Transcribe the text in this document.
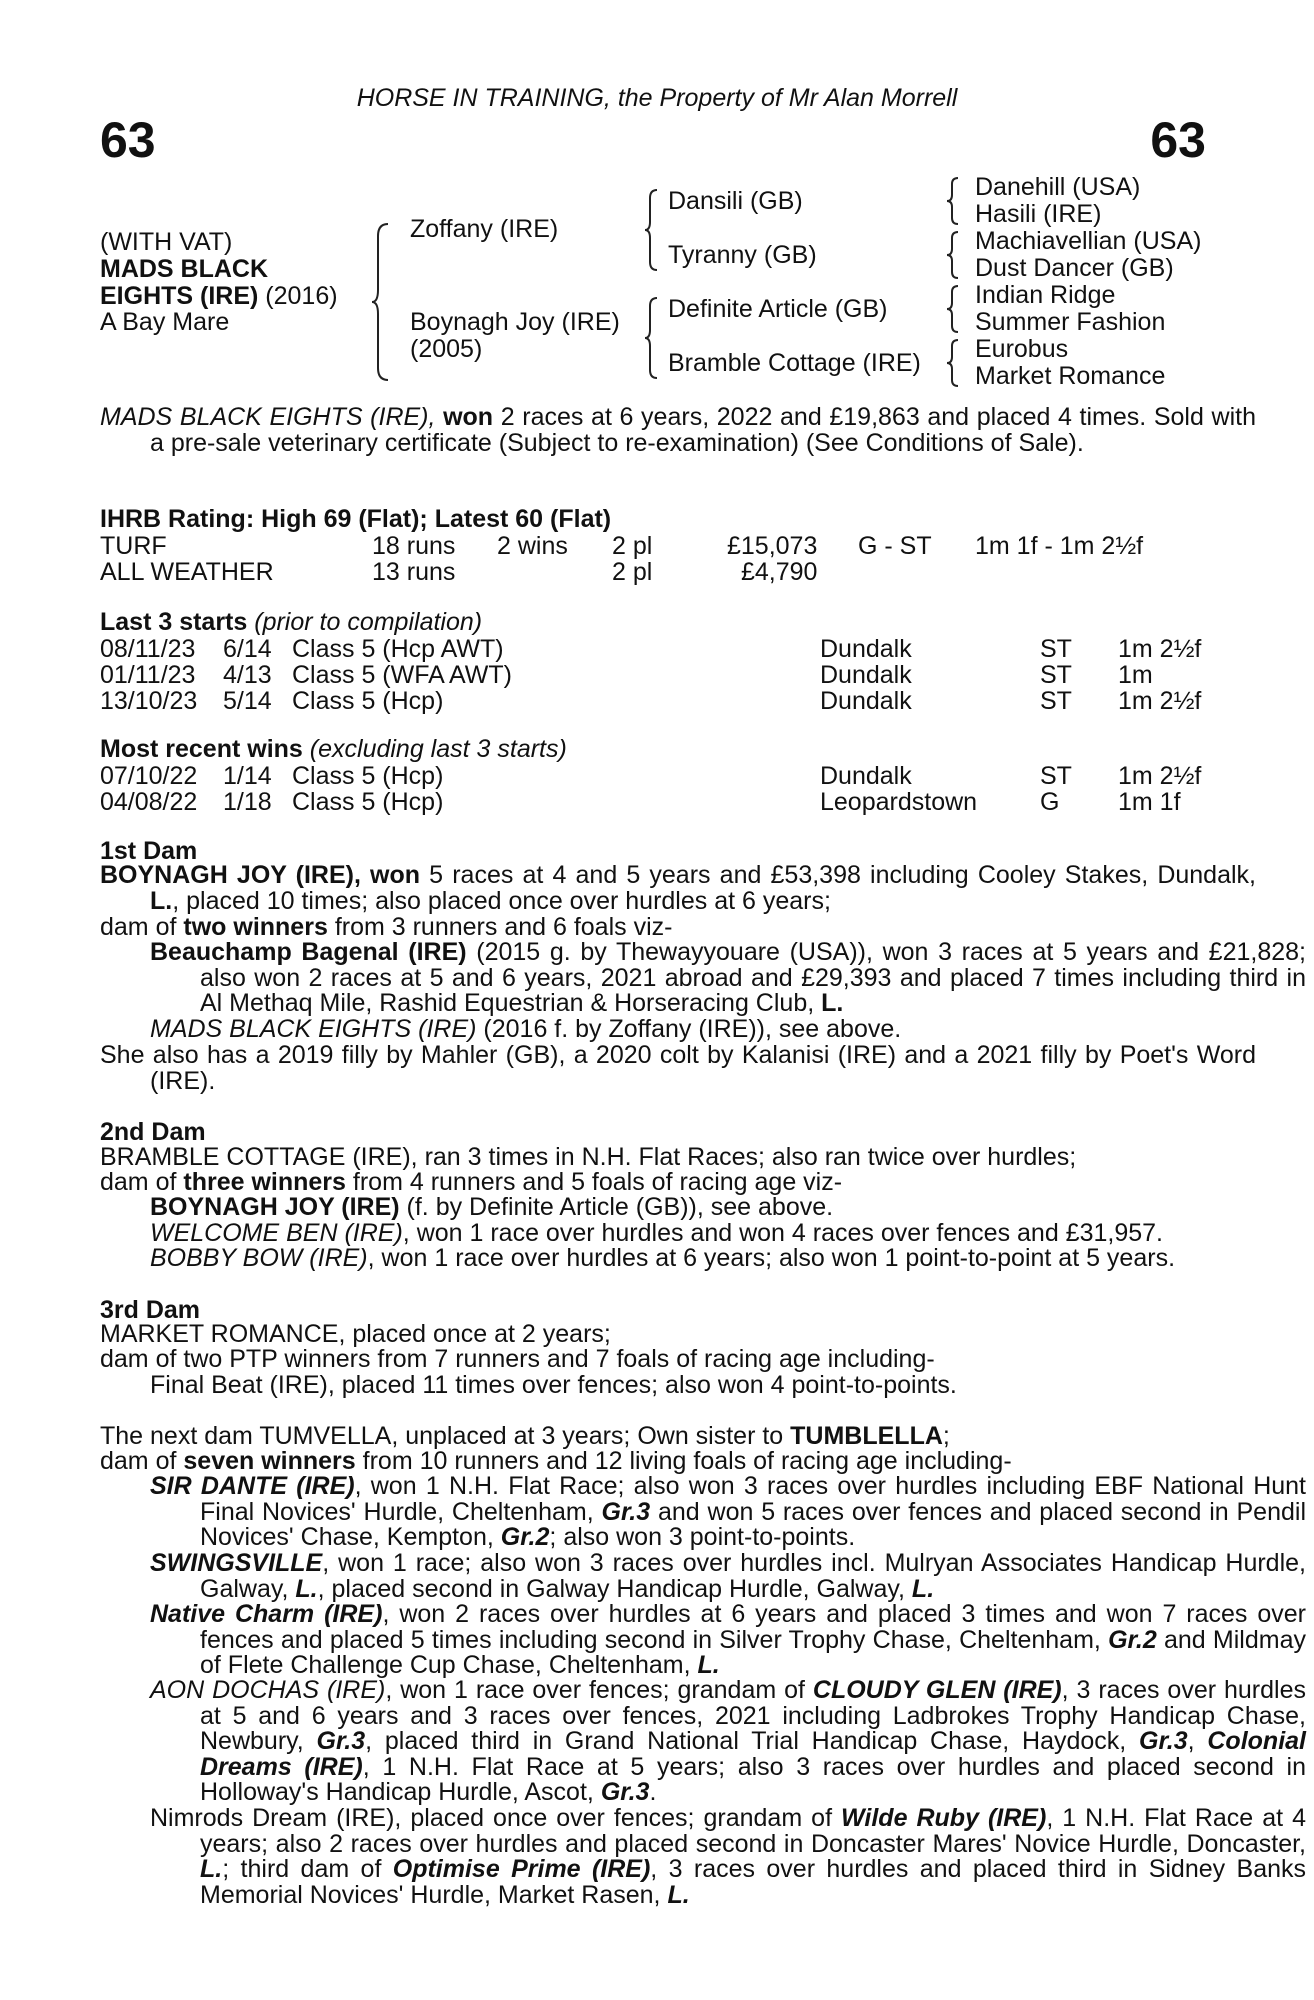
HORSE IN TRAINING, the Property of Mr Alan Morrell
63	63
(WITH VAT)
MADS BLACK
EIGHTS (IRE) (2016)
A Bay Mare
Zoffany (IRE)
Boynagh Joy (IRE)
(2005)
Dansili (GB)
Tyranny (GB)
Definite Article (GB)
Bramble Cottage (IRE)
Danehill (USA)
Hasili (IRE)
Machiavellian (USA)
Dust Dancer (GB)
Indian Ridge
Summer Fashion
Eurobus
Market Romance
MADS BLACK EIGHTS (IRE), won 2 races at 6 years, 2022 and £19,863 and placed 4 times. Sold with a pre-sale veterinary certificate (Subject to re-examination) (See Conditions of Sale).
IHRB Rating: High 69 (Flat); Latest 60 (Flat)
TURF	18 runs 2 wins 2 pl	£15,073 G - ST 1m 1f - 1m 2½f
ALL WEATHER	13 runs	2 pl	£4,790
Last 3 starts (prior to compilation)
08/11/23 6/14 Class 5 (Hcp AWT)	Dundalk	ST 1m 2½f
01/11/23 4/13 Class 5 (WFA AWT)	Dundalk	ST 1m
13/10/23 5/14 Class 5 (Hcp)	Dundalk	ST 1m 2½f
Most recent wins (excluding last 3 starts)
07/10/22 1/14 Class 5 (Hcp)	Dundalk	ST 1m 2½f
04/08/22 1/18 Class 5 (Hcp)	Leopardstown	G 1m 1f
1st Dam
BOYNAGH JOY (IRE), won 5 races at 4 and 5 years and £53,398 including Cooley Stakes, Dundalk, L., placed 10 times; also placed once over hurdles at 6 years;
dam of two winners from 3 runners and 6 foals viz-
Beauchamp Bagenal (IRE) (2015 g. by Thewayyouare (USA)), won 3 races at 5 years and £21,828; also won 2 races at 5 and 6 years, 2021 abroad and £29,393 and placed 7 times including third in Al Methaq Mile, Rashid Equestrian & Horseracing Club, L.
MADS BLACK EIGHTS (IRE) (2016 f. by Zoffany (IRE)), see above.
She also has a 2019 filly by Mahler (GB), a 2020 colt by Kalanisi (IRE) and a 2021 filly by Poet's Word (IRE).
2nd Dam
BRAMBLE COTTAGE (IRE), ran 3 times in N.H. Flat Races; also ran twice over hurdles;
dam of three winners from 4 runners and 5 foals of racing age viz-
BOYNAGH JOY (IRE) (f. by Definite Article (GB)), see above.
WELCOME BEN (IRE), won 1 race over hurdles and won 4 races over fences and £31,957.
BOBBY BOW (IRE), won 1 race over hurdles at 6 years; also won 1 point-to-point at 5 years.
3rd Dam
MARKET ROMANCE, placed once at 2 years;
dam of two PTP winners from 7 runners and 7 foals of racing age including-
Final Beat (IRE), placed 11 times over fences; also won 4 point-to-points.
The next dam TUMVELLA, unplaced at 3 years; Own sister to TUMBLELLA;
dam of seven winners from 10 runners and 12 living foals of racing age including-
SIR DANTE (IRE), won 1 N.H. Flat Race; also won 3 races over hurdles including EBF National Hunt Final Novices' Hurdle, Cheltenham, Gr.3 and won 5 races over fences and placed second in Pendil Novices' Chase, Kempton, Gr.2; also won 3 point-to-points.
SWINGSVILLE, won 1 race; also won 3 races over hurdles incl. Mulryan Associates Handicap Hurdle, Galway, L., placed second in Galway Handicap Hurdle, Galway, L.
Native Charm (IRE), won 2 races over hurdles at 6 years and placed 3 times and won 7 races over fences and placed 5 times including second in Silver Trophy Chase, Cheltenham, Gr.2 and Mildmay of Flete Challenge Cup Chase, Cheltenham, L.
AON DOCHAS (IRE), won 1 race over fences; grandam of CLOUDY GLEN (IRE), 3 races over hurdles at 5 and 6 years and 3 races over fences, 2021 including Ladbrokes Trophy Handicap Chase, Newbury, Gr.3, placed third in Grand National Trial Handicap Chase, Haydock, Gr.3, Colonial Dreams (IRE), 1 N.H. Flat Race at 5 years; also 3 races over hurdles and placed second in Holloway's Handicap Hurdle, Ascot, Gr.3.
Nimrods Dream (IRE), placed once over fences; grandam of Wilde Ruby (IRE), 1 N.H. Flat Race at 4 years; also 2 races over hurdles and placed second in Doncaster Mares' Novice Hurdle, Doncaster, L.; third dam of Optimise Prime (IRE), 3 races over hurdles and placed third in Sidney Banks Memorial Novices' Hurdle, Market Rasen, L.
